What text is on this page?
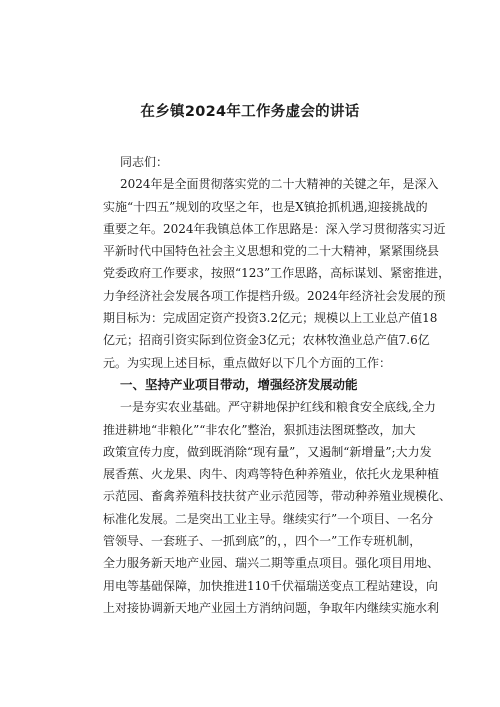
在乡镇2024年工作务虚会的讲话
同志们：
2024年是全面贯彻落实党的二十大精神的关键之年，是深入
实施“十四五”规划的攻坚之年，也是X镇抢抓机遇,迎接挑战的
重要之年。2024年我镇总体工作思路是：深入学习贯彻落实习近
平新时代中国特色社会主义思想和党的二十大精神，紧紧围绕县
党委政府工作要求，按照“123”工作思路，高标谋划、紧密推进，
力争经济社会发展各项工作提档升级。2024年经济社会发展的预
期目标为：完成固定资产投资3.2亿元；规模以上工业总产值18
亿元；招商引资实际到位资金3亿元；农林牧渔业总产值7.6亿
元。为实现上述目标，重点做好以下几个方面的工作：
一、坚持产业项目带动，增强经济发展动能
一是夯实农业基础。严守耕地保护红线和粮食安全底线,全力
推进耕地“非粮化”“非农化”整治，狠抓违法图斑整改，加大
政策宣传力度，做到既消除“现有量”，又遏制“新增量”;大力发
展香蕉、火龙果、肉牛、肉鸡等特色种养殖业，依托火龙果种植
示范园、畜禽养殖科技扶贫产业示范园等，带动种养殖业规模化、
标准化发展。二是突出工业主导。继续实行”一个项目、一名分
管领导、一套班子、一抓到底”的，，四个一”工作专班机制，
全力服务新天地产业园、瑞兴二期等重点项目。强化项目用地、
用电等基础保障，加快推进110千伏福瑞送变点工程站建设，向
上对接协调新天地产业园土方消纳问题，争取年内继续实施水利
